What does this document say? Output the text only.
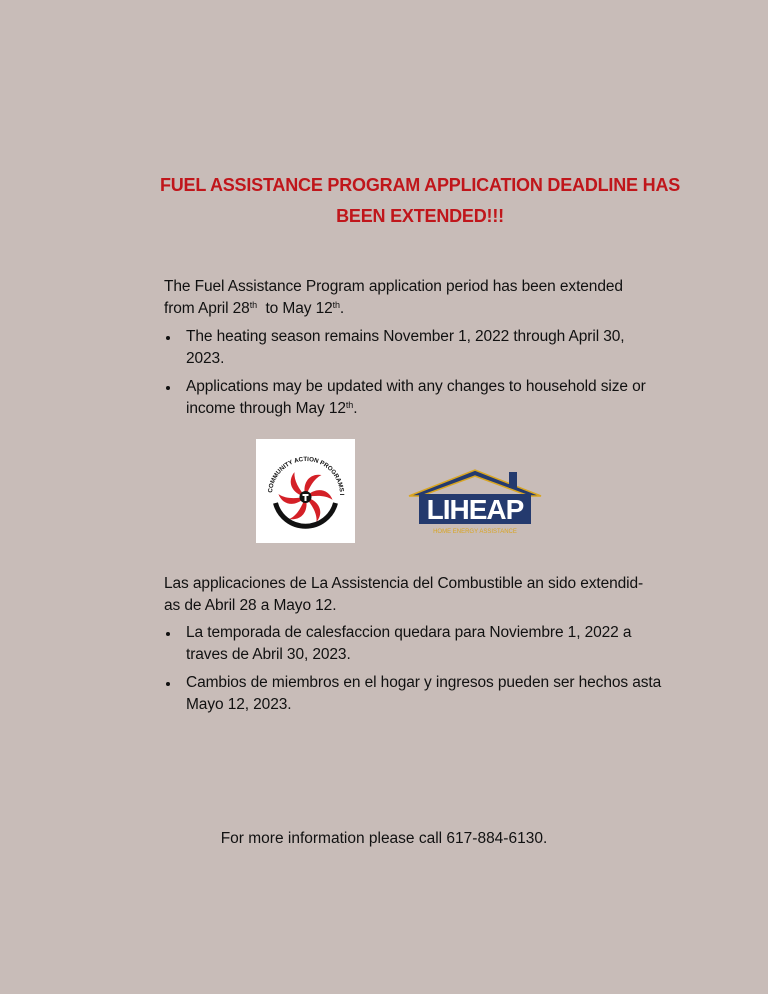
FUEL ASSISTANCE PROGRAM APPLICATION DEADLINE HAS
BEEN EXTENDED!!!
The Fuel Assistance Program application period has been extended
from April 28th  to May 12th.
The heating season remains November 1, 2022 through April 30, 2023.
Applications may be updated with any changes to household size or income through May 12th.
COMMUNITY ACTION PROGRAMS I	LIHEAP
HOME ENERGY ASSISTANCE
Las applicaciones de La Assistencia del Combustible an sido extendid-
as de Abril 28 a Mayo 12.
La temporada de calesfaccion quedara para Noviembre 1, 2022 a traves de Abril 30, 2023.
Cambios de miembros en el hogar y ingresos pueden ser hechos asta Mayo 12, 2023.
For more information please call 617-884-6130.
